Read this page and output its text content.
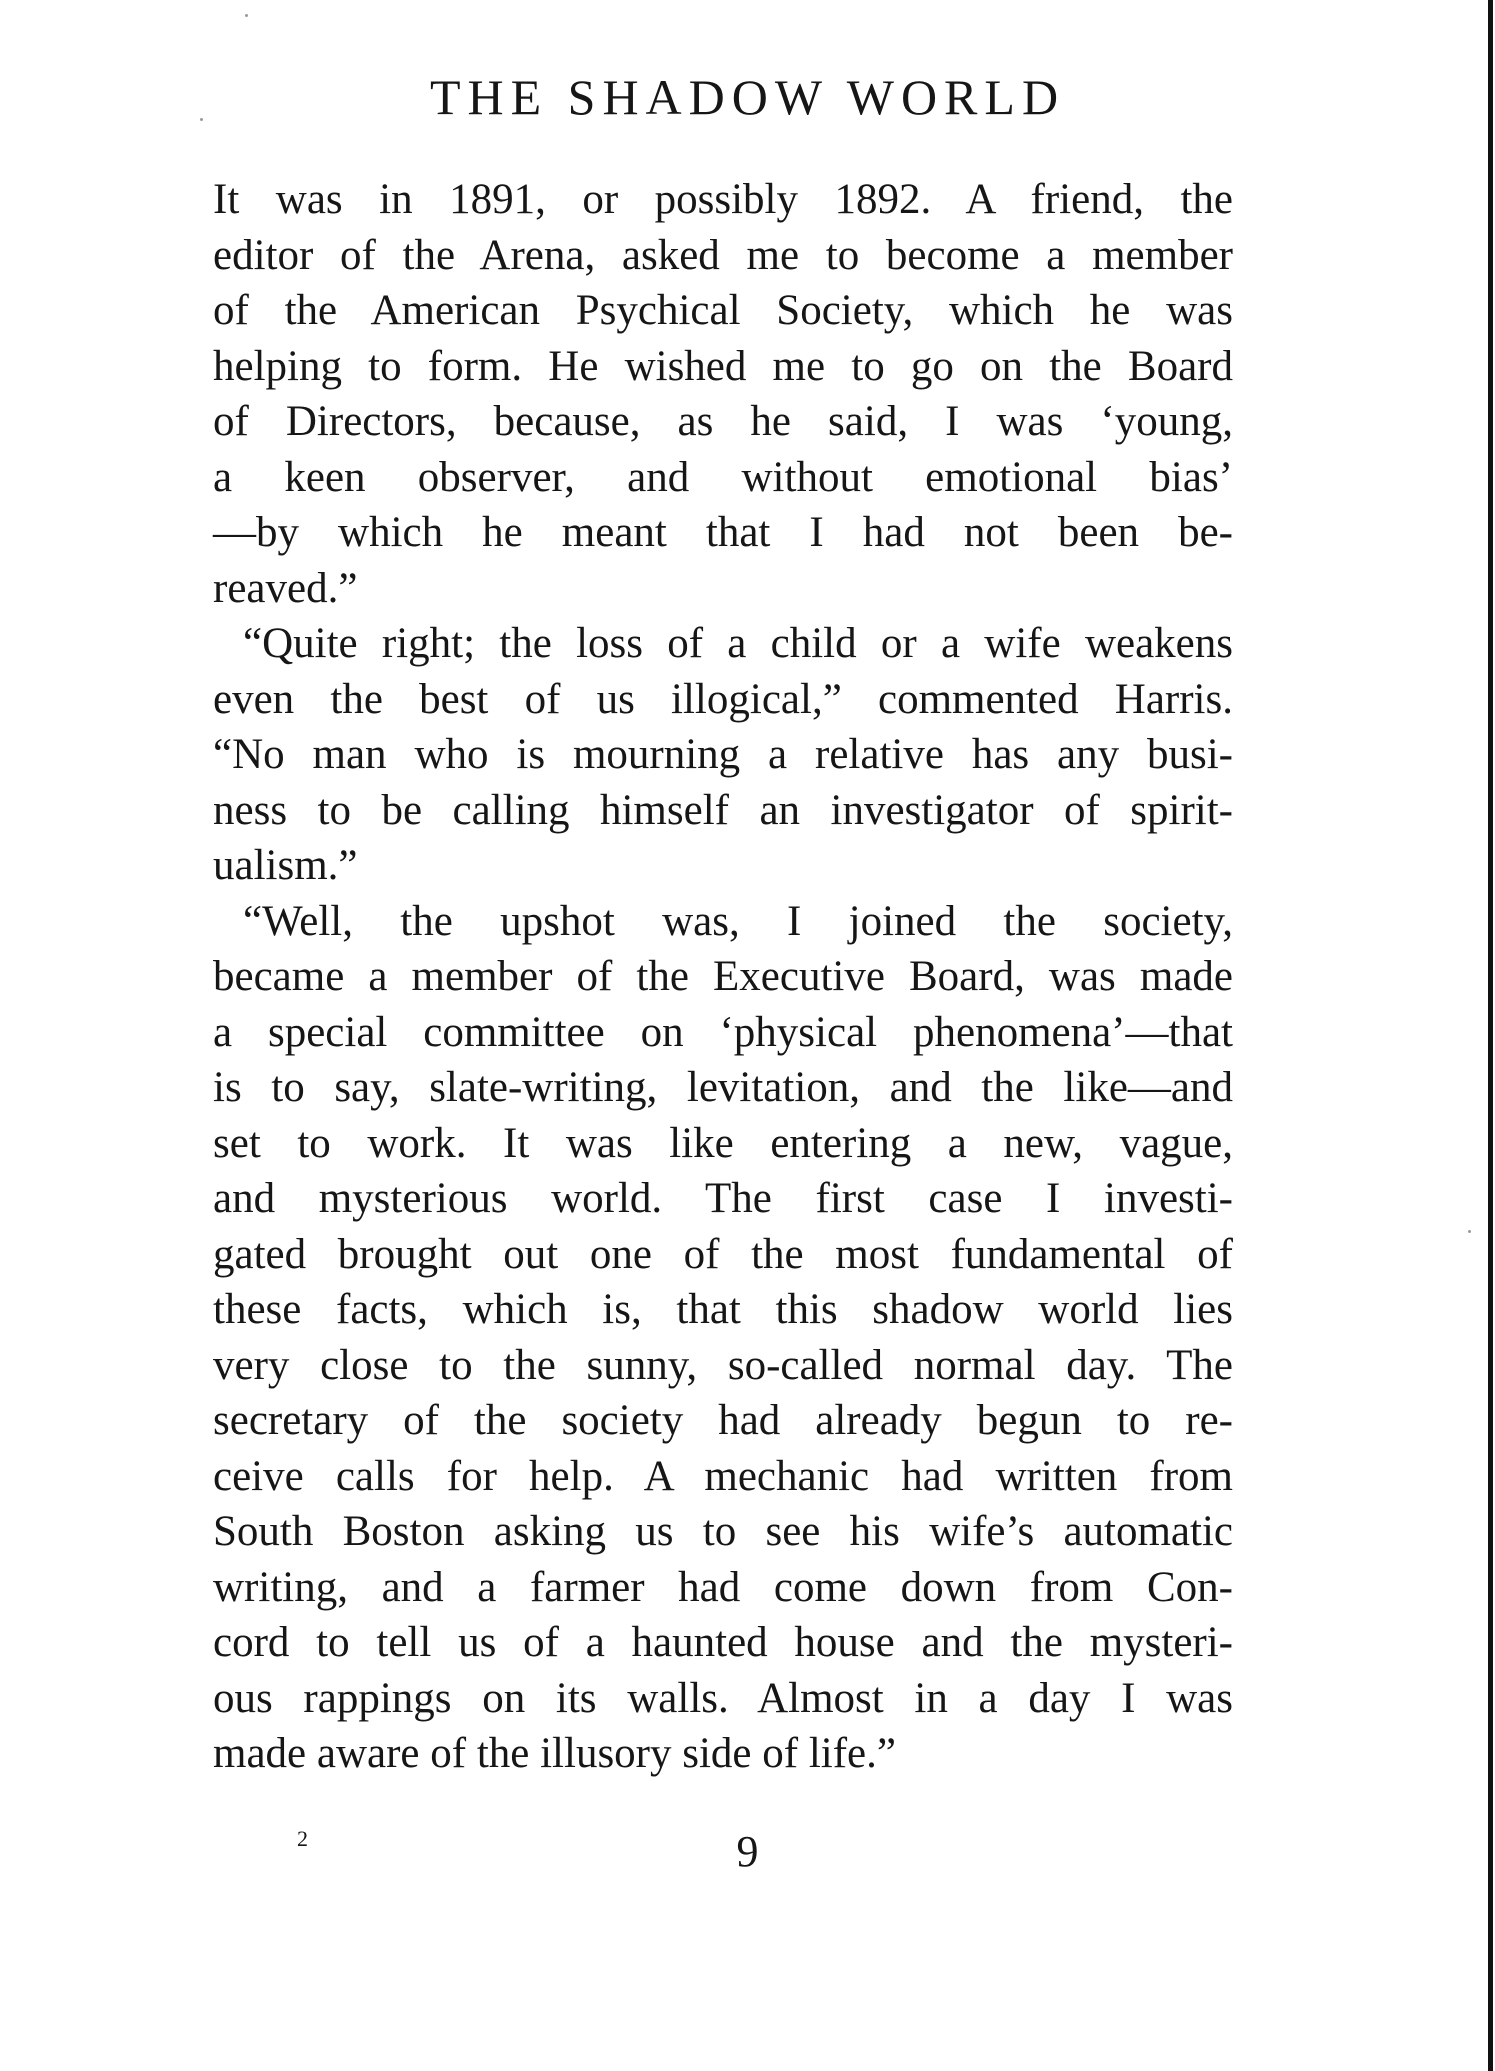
THE SHADOW WORLD

It was in 1891, or possibly 1892. A friend, the
editor of the Arena, asked me to become a member
of the American Psychical Society, which he was
helping to form. He wished me to go on the Board
of Directors, because, as he said, I was ‘young,
a keen observer, and without emotional bias’
—by which he meant that I had not been be-
reaved.”

“Quite right; the loss of a child or a wife weakens
even the best of us illogical,” commented Harris.
“No man who is mourning a relative has any busi-
ness to be calling himself an investigator of spirit-
ualism.”

“Well, the upshot was, I joined the society,
became a member of the Executive Board, was made
a special committee on ‘physical phenomena’—that
is to say, slate-writing, levitation, and the like—and
set to work. It was like entering a new, vague,
and mysterious world. The first case I investi-
gated brought out one of the most fundamental of
these facts, which is, that this shadow world lies
very close to the sunny, so-called normal day. The
secretary of the society had already begun to re-
ceive calls for help. A mechanic had written from
South Boston asking us to see his wife’s automatic
writing, and a farmer had come down from Con-
cord to tell us of a haunted house and the mysteri-
ous rappings on its walls. Almost in a day I was
made aware of the illusory side of life.”

2	9
